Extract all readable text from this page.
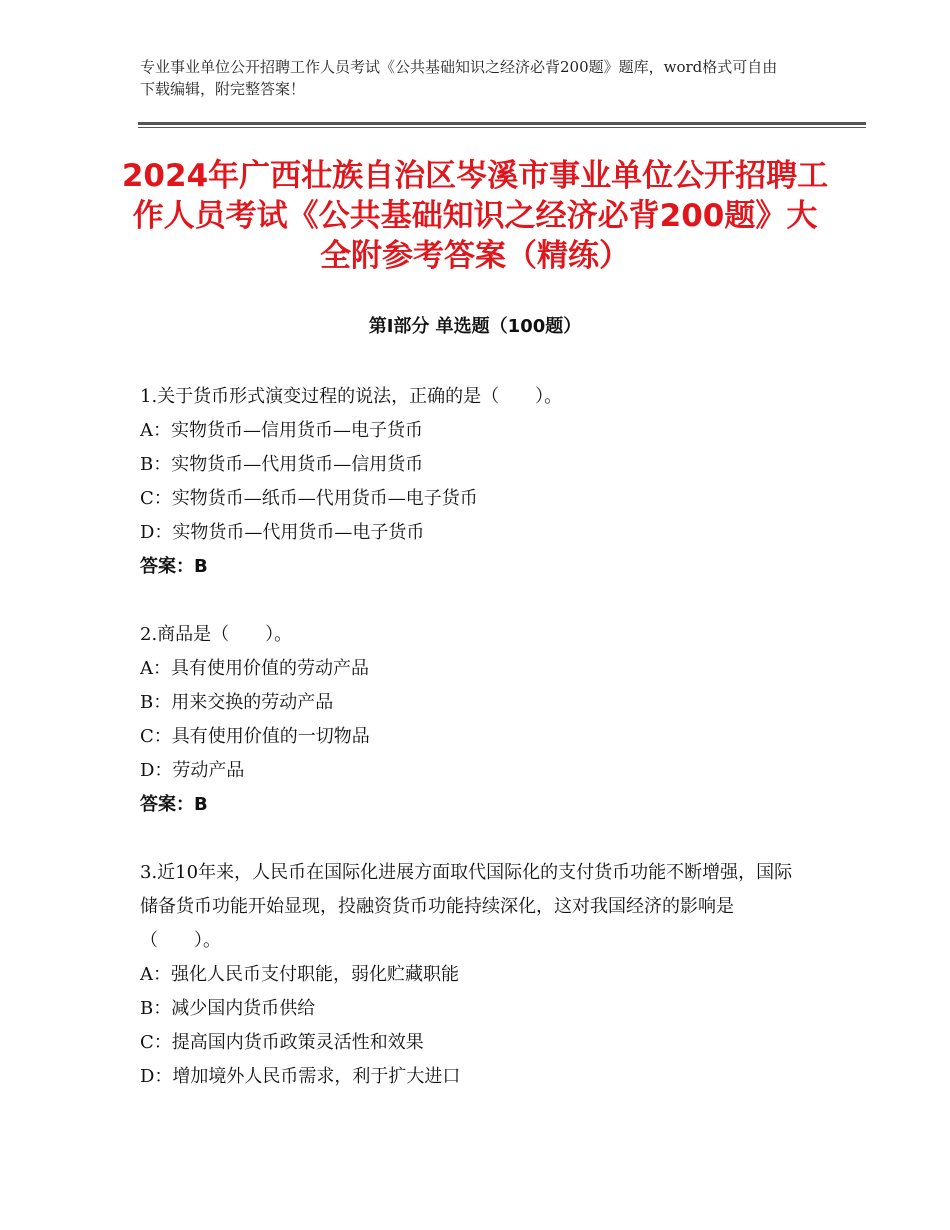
专业事业单位公开招聘工作人员考试《公共基础知识之经济必背200题》题库，word格式可自由下载编辑，附完整答案！
2024年广西壮族自治区岑溪市事业单位公开招聘工作人员考试《公共基础知识之经济必背200题》大全附参考答案（精练）
第I部分 单选题（100题）
1.关于货币形式演变过程的说法，正确的是（　　）。
A：实物货币—信用货币—电子货币
B：实物货币—代用货币—信用货币
C：实物货币—纸币—代用货币—电子货币
D：实物货币—代用货币—电子货币
答案：B
2.商品是（　　）。
A：具有使用价值的劳动产品
B：用来交换的劳动产品
C：具有使用价值的一切物品
D：劳动产品
答案：B
3.近10年来，人民币在国际化进展方面取代国际化的支付货币功能不断增强，国际储备货币功能开始显现，投融资货币功能持续深化，这对我国经济的影响是（　　）。
A：强化人民币支付职能，弱化贮藏职能
B：减少国内货币供给
C：提高国内货币政策灵活性和效果
D：增加境外人民币需求，利于扩大进口
